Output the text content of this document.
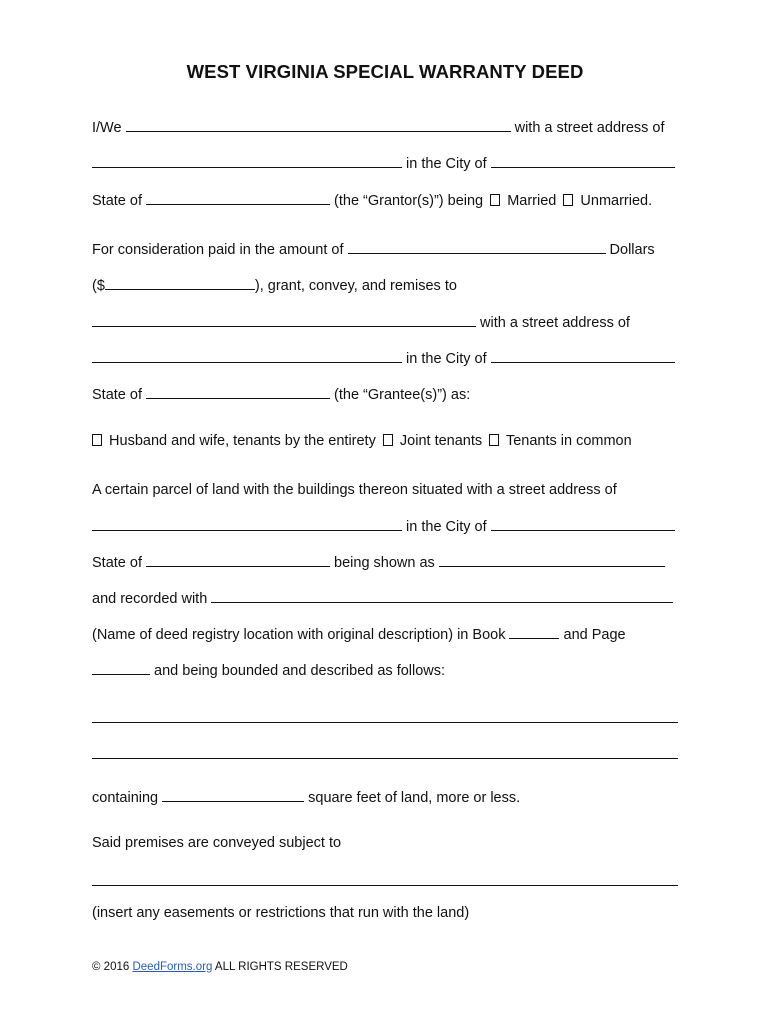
WEST VIRGINIA SPECIAL WARRANTY DEED
I/We	with a street address of
in the City of
State of	(the “Grantor(s)”) being Married Unmarried.
For consideration paid in the amount of	Dollars
($	), grant, convey, and remises to
with a street address of
in the City of
State of	(the “Grantee(s)”) as:
Husband and wife, tenants by the entirety Joint tenants Tenants in common
A certain parcel of land with the buildings thereon situated with a street address of
in the City of
State of	being shown as
and recorded with
(Name of deed registry location with original description) in Book	and Page
and being bounded and described as follows:
containing	square feet of land, more or less.
Said premises are conveyed subject to
(insert any easements or restrictions that run with the land)
© 2016 DeedForms.org ALL RIGHTS RESERVED
